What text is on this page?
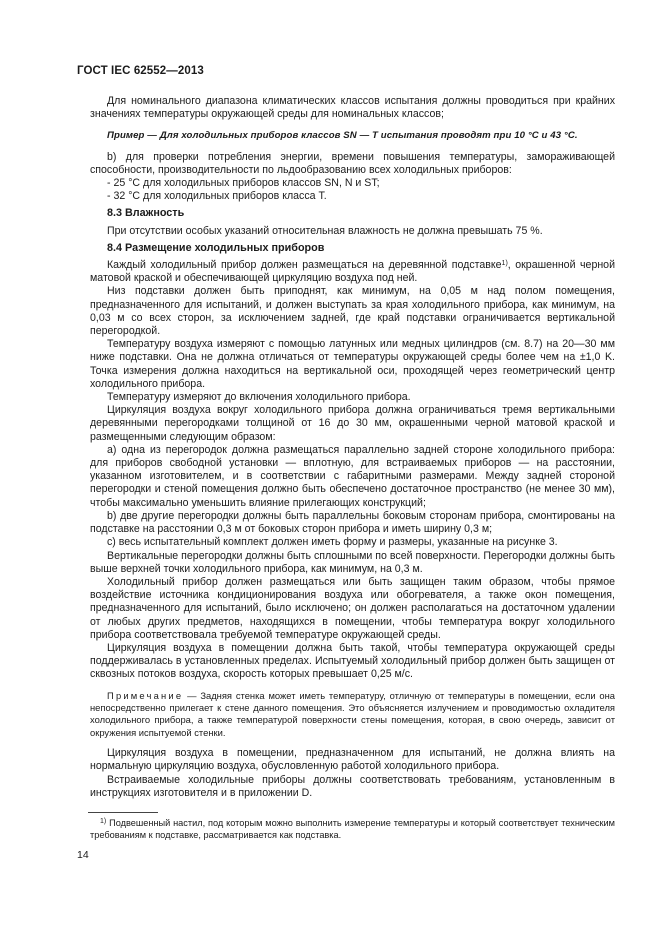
ГОСТ IEC 62552—2013

Для номинального диапазона климатических классов испытания должны проводиться при крайних значениях температуры окружающей среды для номинальных классов;

Пример — Для холодильных приборов классов SN — T испытания проводят при 10 °C и 43 °C.

b) для проверки потребления энергии, времени повышения температуры, замораживающей способности, производительности по льдообразованию всех холодильных приборов:

- 25 °C для холодильных приборов классов SN, N и ST;

- 32 °C для холодильных приборов класса T.

8.3 Влажность

При отсутствии особых указаний относительная влажность не должна превышать 75 %.

8.4 Размещение холодильных приборов

Каждый холодильный прибор должен размещаться на деревянной подставке$^{1)}$, окрашенной черной матовой краской и обеспечивающей циркуляцию воздуха под ней.

Низ подставки должен быть приподнят, как минимум, на 0,05 м над полом помещения, предназначенного для испытаний, и должен выступать за края холодильного прибора, как минимум, на 0,03 м со всех сторон, за исключением задней, где край подставки ограничивается вертикальной перегородкой.

Температуру воздуха измеряют с помощью латунных или медных цилиндров (см. 8.7) на 20—30 мм ниже подставки. Она не должна отличаться от температуры окружающей среды более чем на ±1,0 K. Точка измерения должна находиться на вертикальной оси, проходящей через геометрический центр холодильного прибора.

Температуру измеряют до включения холодильного прибора.

Циркуляция воздуха вокруг холодильного прибора должна ограничиваться тремя вертикальными деревянными перегородками толщиной от 16 до 30 мм, окрашенными черной матовой краской и размещенными следующим образом:

a) одна из перегородок должна размещаться параллельно задней стороне холодильного прибора: для приборов свободной установки — вплотную, для встраиваемых приборов — на расстоянии, указанном изготовителем, и в соответствии с габаритными размерами. Между задней стороной перегородки и стеной помещения должно быть обеспечено достаточное пространство (не менее 30 мм), чтобы максимально уменьшить влияние прилегающих конструкций;

b) две другие перегородки должны быть параллельны боковым сторонам прибора, смонтированы на подставке на расстоянии 0,3 м от боковых сторон прибора и иметь ширину 0,3 м;

c) весь испытательный комплект должен иметь форму и размеры, указанные на рисунке 3.

Вертикальные перегородки должны быть сплошными по всей поверхности. Перегородки должны быть выше верхней точки холодильного прибора, как минимум, на 0,3 м.

Холодильный прибор должен размещаться или быть защищен таким образом, чтобы прямое воздействие источника кондиционирования воздуха или обогревателя, а также окон помещения, предназначенного для испытаний, было исключено; он должен располагаться на достаточном удалении от любых других предметов, находящихся в помещении, чтобы температура вокруг холодильного прибора соответствовала требуемой температуре окружающей среды.

Циркуляция воздуха в помещении должна быть такой, чтобы температура окружающей среды поддерживалась в установленных пределах. Испытуемый холодильный прибор должен быть защищен от сквозных потоков воздуха, скорость которых превышает 0,25 м/с.

Примечание — Задняя стенка может иметь температуру, отличную от температуры в помещении, если она непосредственно прилегает к стене данного помещения. Это объясняется излучением и проводимостью охладителя холодильного прибора, а также температурой поверхности стены помещения, которая, в свою очередь, зависит от окружения испытуемой стенки.

Циркуляция воздуха в помещении, предназначенном для испытаний, не должна влиять на нормальную циркуляцию воздуха, обусловленную работой холодильного прибора.

Встраиваемые холодильные приборы должны соответствовать требованиям, установленным в инструкциях изготовителя и в приложении D.

$^{1)}$ Подвешенный настил, под которым можно выполнить измерение температуры и который соответствует техническим требованиям к подставке, рассматривается как подставка.
14
